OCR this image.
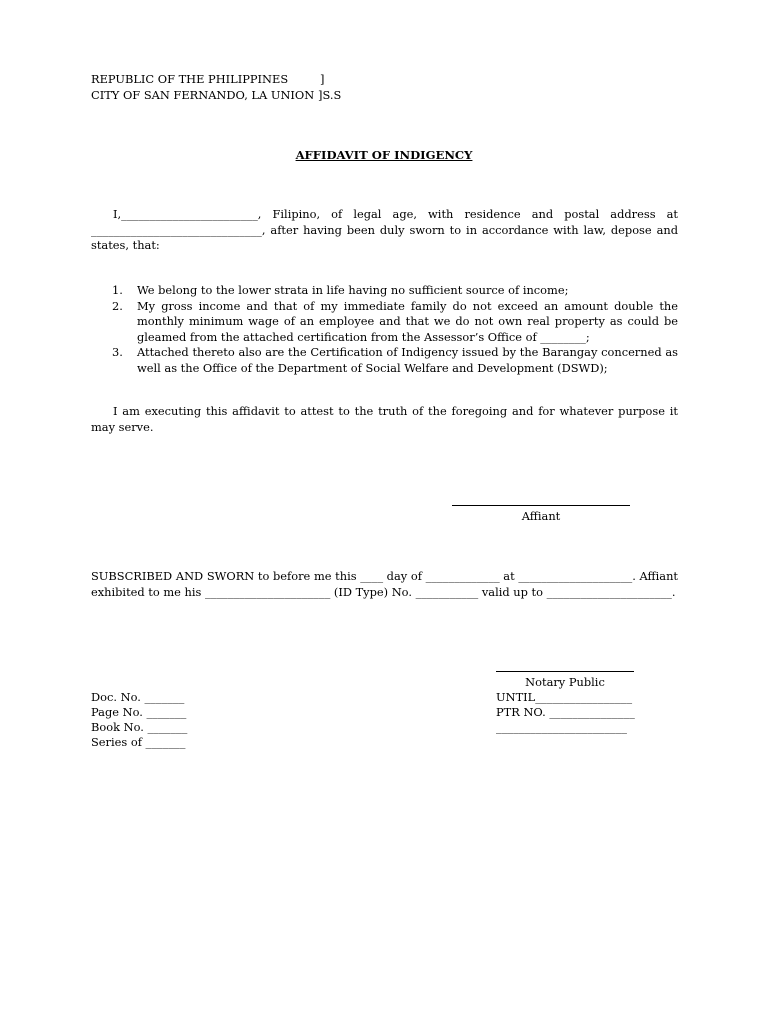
REPUBLIC OF THE PHILIPPINES	]
CITY OF SAN FERNANDO, LA UNION ]S.S
AFFIDAVIT OF INDIGENCY
I,________________________, Filipino, of legal age, with residence and postal address at ______________________________, after having been duly sworn to in accordance with law, depose and states, that:
1. We belong to the lower strata in life having no sufficient source of income;
2. My gross income and that of my immediate family do not exceed an amount double the monthly minimum wage of an employee and that we do not own real property as could be gleamed from the attached certification from the Assessor’s Office of ________;
3. Attached thereto also are the Certification of Indigency issued by the Barangay concerned as well as the Office of the Department of Social Welfare and Development (DSWD);
I am executing this affidavit to attest to the truth of the foregoing and for whatever purpose it may serve.
Affiant
SUBSCRIBED AND SWORN to before me this ____ day of _____________ at ____________________. Affiant exhibited to me his ______________________ (ID Type) No. ___________ valid up to ______________________.
Notary Public
UNTIL_________________
PTR NO. _______________
_______________________
Doc. No. _______
Page No. _______
Book No. _______
Series of _______
